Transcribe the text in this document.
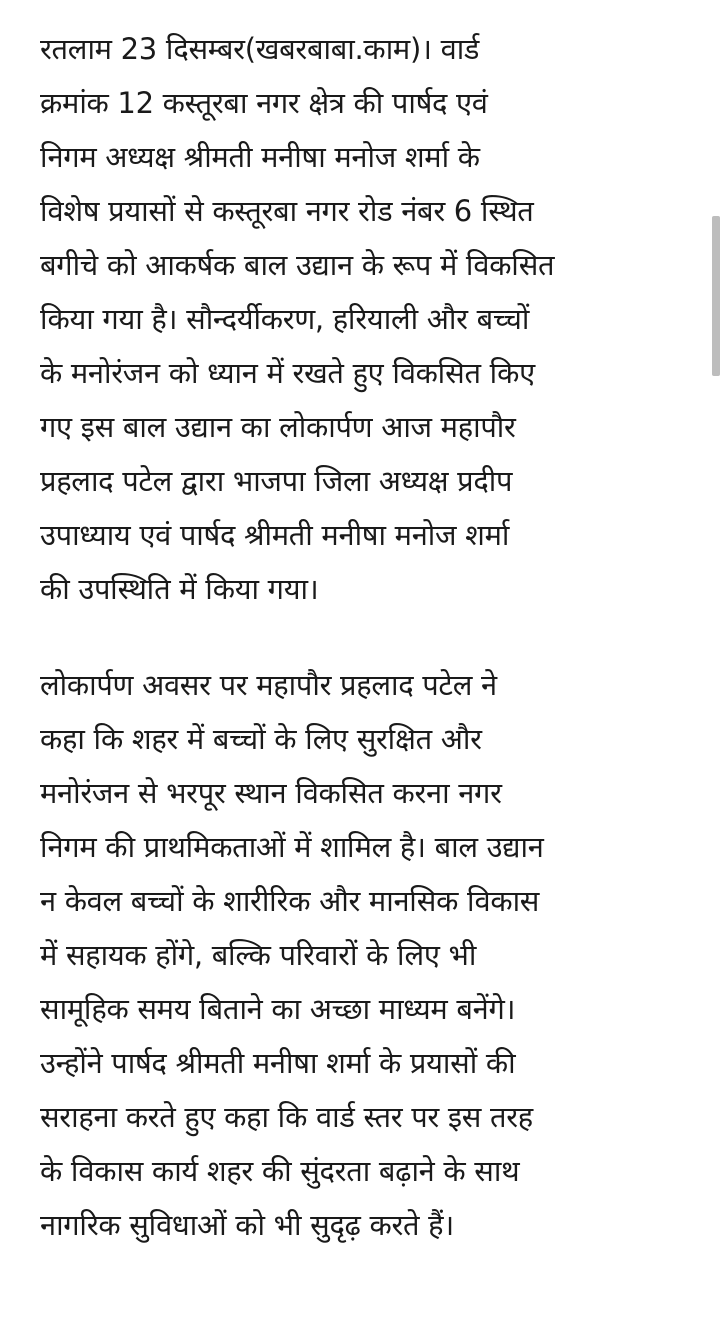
रतलाम 23 दिसम्बर(खबरबाबा.काम)। वार्ड
क्रमांक 12 कस्तूरबा नगर क्षेत्र की पार्षद एवं
निगम अध्यक्ष श्रीमती मनीषा मनोज शर्मा के
विशेष प्रयासों से कस्तूरबा नगर रोड नंबर 6 स्थित
बगीचे को आकर्षक बाल उद्यान के रूप में विकसित
किया गया है। सौन्दर्यीकरण, हरियाली और बच्चों
के मनोरंजन को ध्यान में रखते हुए विकसित किए
गए इस बाल उद्यान का लोकार्पण आज महापौर
प्रहलाद पटेल द्वारा भाजपा जिला अध्यक्ष प्रदीप
उपाध्याय एवं पार्षद श्रीमती मनीषा मनोज शर्मा
की उपस्थिति में किया गया।

लोकार्पण अवसर पर महापौर प्रहलाद पटेल ने
कहा कि शहर में बच्चों के लिए सुरक्षित और
मनोरंजन से भरपूर स्थान विकसित करना नगर
निगम की प्राथमिकताओं में शामिल है। बाल उद्यान
न केवल बच्चों के शारीरिक और मानसिक विकास
में सहायक होंगे, बल्कि परिवारों के लिए भी
सामूहिक समय बिताने का अच्छा माध्यम बनेंगे।
उन्होंने पार्षद श्रीमती मनीषा शर्मा के प्रयासों की
सराहना करते हुए कहा कि वार्ड स्तर पर इस तरह
के विकास कार्य शहर की सुंदरता बढ़ाने के साथ
नागरिक सुविधाओं को भी सुदृढ़ करते हैं।
